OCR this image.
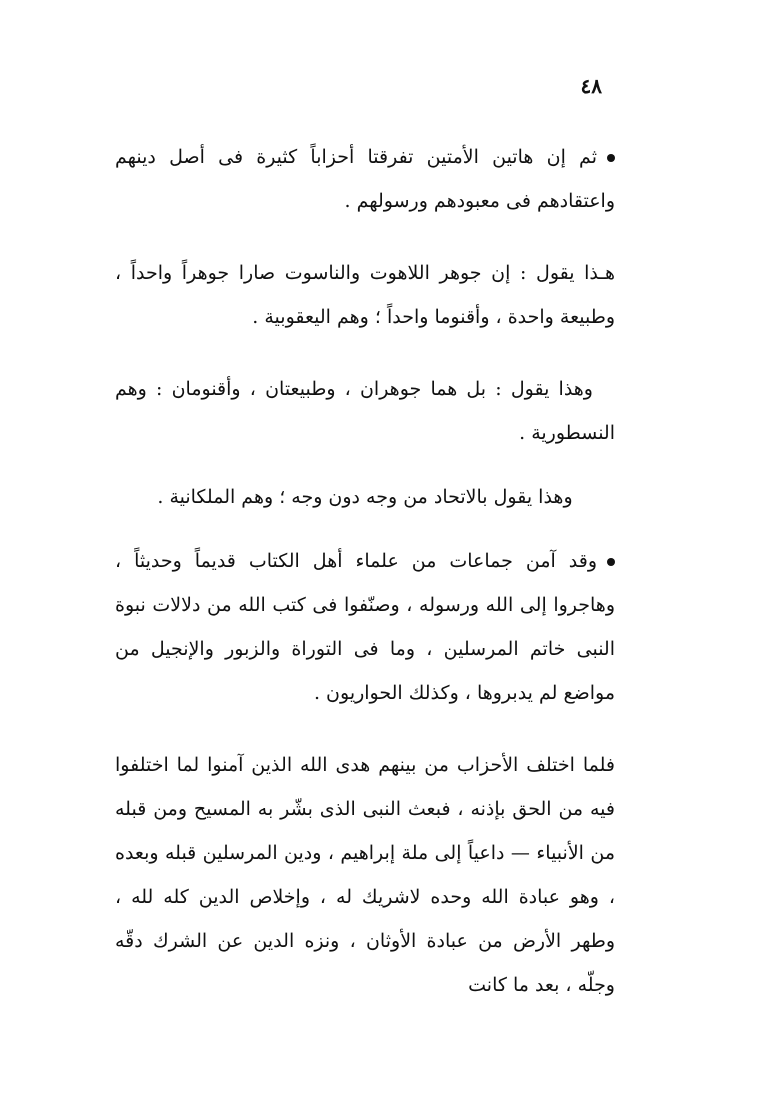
٤٨

ثم إن هاتين الأمتين تفرقتا أحزاباً كثيرة فى أصل دينهم واعتقادهم فى معبودهم ورسولهم .

هـذا يقول : إن جوهر اللاهوت والناسوت صارا جوهراً واحداً ، وطبيعة واحدة ، وأقنوما واحداً ؛ وهم اليعقوبية .

وهذا يقول : بل هما جوهران ، وطبيعتان ، وأقنومان : وهم النسطورية .

وهذا يقول بالاتحاد من وجه دون وجه ؛ وهم الملكانية .

وقد آمن جماعات من علماء أهل الكتاب قديماً وحديثاً ، وهاجروا إلى الله ورسوله ، وصنّفوا فى كتب الله من دلالات نبوة النبى خاتم المرسلين ، وما فى التوراة والزبور والإنجيل من مواضع لم يدبروها ، وكذلك الحواريون .

فلما اختلف الأحزاب من بينهم هدى الله الذين آمنوا لما اختلفوا فيه من الحق بإذنه ، فبعث النبى الذى بشّر به المسيح ومن قبله من الأنبياء — داعياً إلى ملة إبراهيم ، ودين المرسلين قبله وبعده ، وهو عبادة الله وحده لاشريك له ، وإخلاص الدين كله لله ، وطهر الأرض من عبادة الأوثان ، ونزه الدين عن الشرك دقّه وجلّه ، بعد ما كانت
